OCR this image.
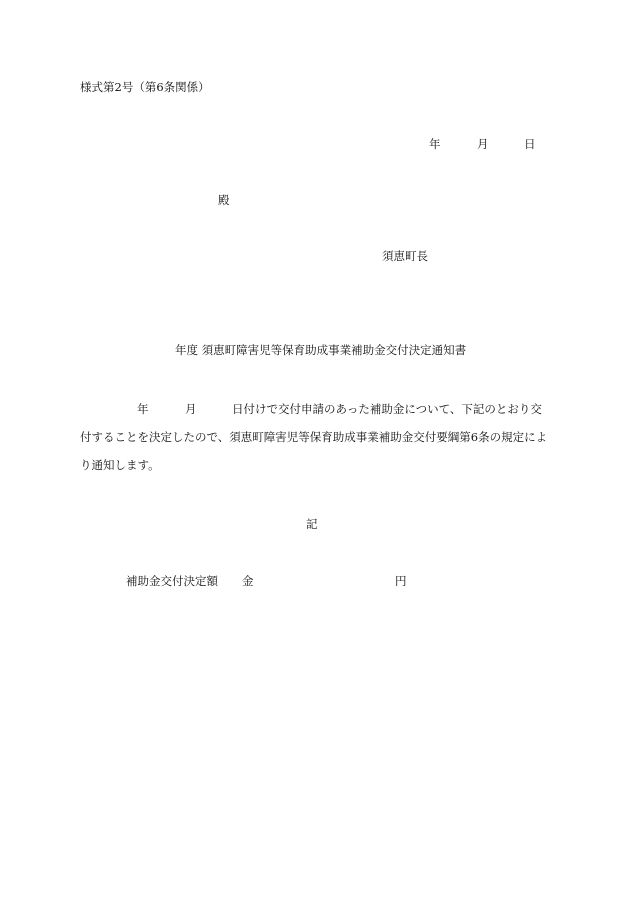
様式第2号（第6条関係）
年	月	日
殿
須恵町長
年度 須恵町障害児等保育助成事業補助金交付決定通知書
年	月	日付けで交付申請のあった補助金について、下記のとおり交
付することを決定したので、須恵町障害児等保育助成事業補助金交付要綱第6条の規定によ
り通知します。
記
補助金交付決定額 金	円
